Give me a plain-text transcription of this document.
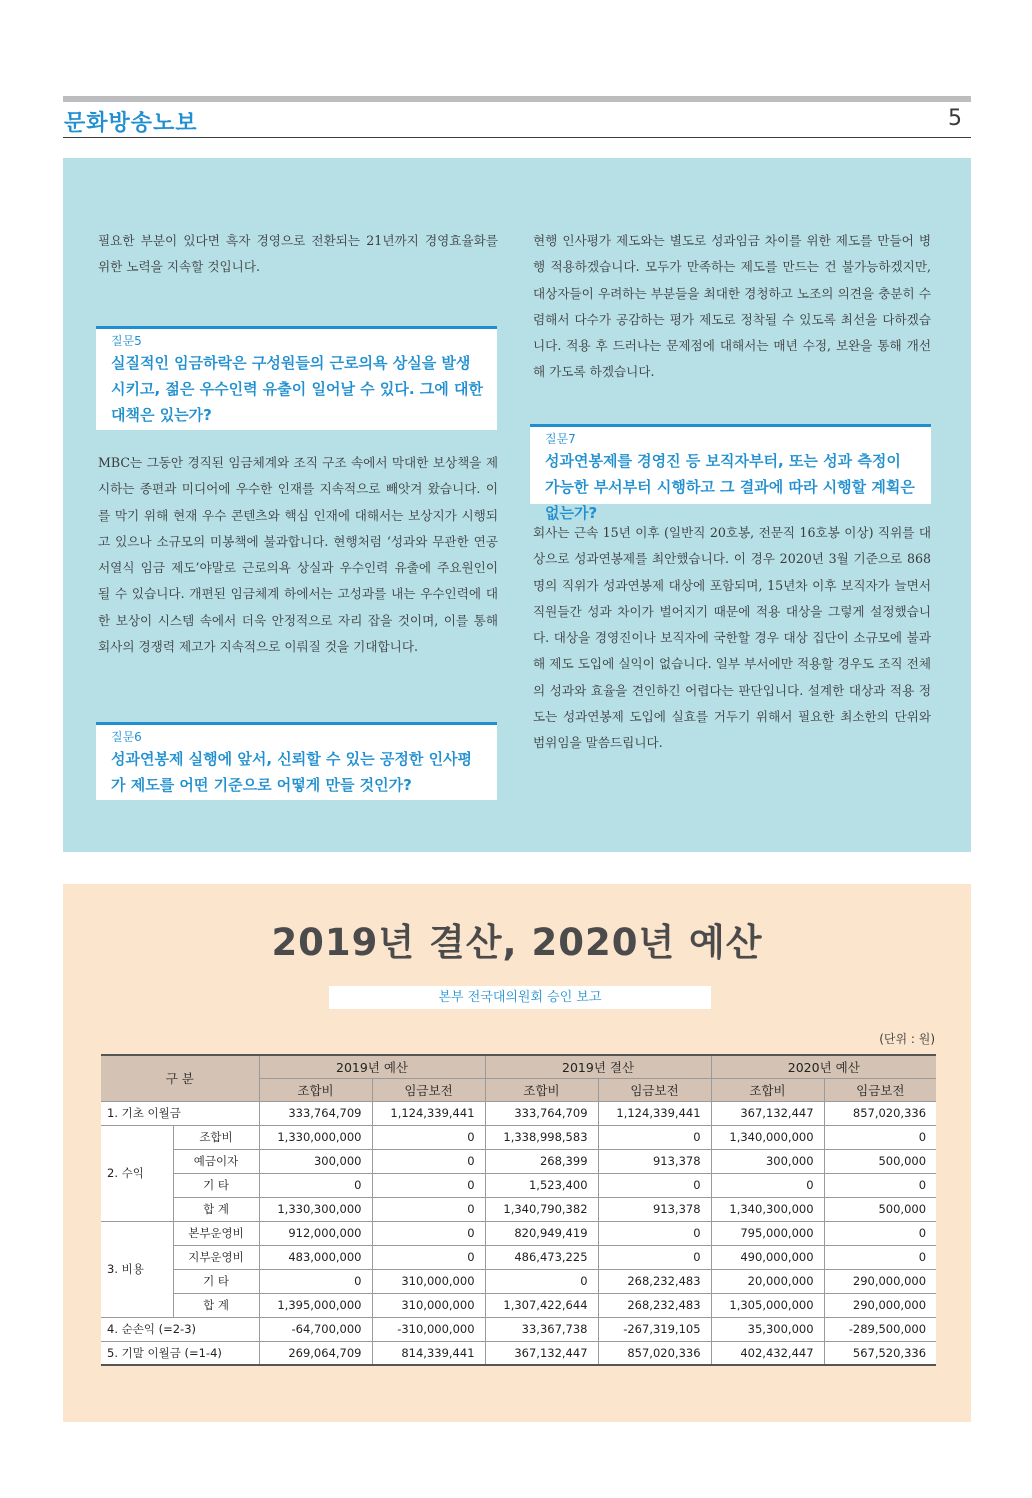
문화방송노보	5
필요한 부분이 있다면 흑자 경영으로 전환되는 21년까지 경영효율화를 위한 노력을 지속할 것입니다.
질문5
실질적인 임금하락은 구성원들의 근로의욕 상실을 발생시키고, 젊은 우수인력 유출이 일어날 수 있다. 그에 대한 대책은 있는가?
MBC는 그동안 경직된 임금체계와 조직 구조 속에서 막대한 보상책을 제시하는 종편과 미디어에 우수한 인재를 지속적으로 빼앗겨 왔습니다. 이를 막기 위해 현재 우수 콘텐츠와 핵심 인재에 대해서는 보상지가 시행되고 있으나 소규모의 미봉책에 불과합니다. 현행처럼 ‘성과와 무관한 연공서열식 임금 제도’야말로 근로의욕 상실과 우수인력 유출에 주요원인이 될 수 있습니다. 개편된 임금체계 하에서는 고성과를 내는 우수인력에 대한 보상이 시스템 속에서 더욱 안정적으로 자리 잡을 것이며, 이를 통해 회사의 경쟁력 제고가 지속적으로 이뤄질 것을 기대합니다.
질문6
성과연봉제 실행에 앞서, 신뢰할 수 있는 공정한 인사평가 제도를 어떤 기준으로 어떻게 만들 것인가?
현행 인사평가 제도와는 별도로 성과임금 차이를 위한 제도를 만들어 병행 적용하겠습니다. 모두가 만족하는 제도를 만드는 건 불가능하겠지만, 대상자들이 우려하는 부분들을 최대한 경청하고 노조의 의견을 충분히 수렴해서 다수가 공감하는 평가 제도로 정착될 수 있도록 최선을 다하겠습니다. 적용 후 드러나는 문제점에 대해서는 매년 수정, 보완을 통해 개선해 가도록 하겠습니다.
질문7
성과연봉제를 경영진 등 보직자부터, 또는 성과 측정이 가능한 부서부터 시행하고 그 결과에 따라 시행할 계획은 없는가?
회사는 근속 15년 이후 (일반직 20호봉, 전문직 16호봉 이상) 직위를 대상으로 성과연봉제를 최안했습니다. 이 경우 2020년 3월 기준으로 868명의 직위가 성과연봉제 대상에 포함되며, 15년차 이후 보직자가 늘면서 직원들간 성과 차이가 벌어지기 때문에 적용 대상을 그렇게 설정했습니다. 대상을 경영진이나 보직자에 국한할 경우 대상 집단이 소규모에 불과해 제도 도입에 실익이 없습니다. 일부 부서에만 적용할 경우도 조직 전체의 성과와 효율을 견인하긴 어렵다는 판단입니다. 설계한 대상과 적용 정도는 성과연봉제 도입에 실효를 거두기 위해서 필요한 최소한의 단위와 범위임을 말씀드립니다.
2019년 결산, 2020년 예산
본부 전국대의원회 승인 보고
(단위 : 원)
구 분		2019년 예산		2019년 결산		2020년 예산	
		조합비	임금보전	조합비	임금보전	조합비	임금보전
1. 기초 이월금		333,764,709	1,124,339,441	333,764,709	1,124,339,441	367,132,447	857,020,336
2. 수익	조합비	1,330,000,000	0	1,338,998,583	0	1,340,000,000	0
	예금이자	300,000	0	268,399	913,378	300,000	500,000
	기 타	0	0	1,523,400	0	0	0
	합 계	1,330,300,000	0	1,340,790,382	913,378	1,340,300,000	500,000
3. 비용	본부운영비	912,000,000	0	820,949,419	0	795,000,000	0
	지부운영비	483,000,000	0	486,473,225	0	490,000,000	0
	기 타	0	310,000,000	0	268,232,483	20,000,000	290,000,000
	합 계	1,395,000,000	310,000,000	1,307,422,644	268,232,483	1,305,000,000	290,000,000
4. 순손익 (=2-3)		-64,700,000	-310,000,000	33,367,738	-267,319,105	35,300,000	-289,500,000
5. 기말 이월금 (=1-4)		269,064,709	814,339,441	367,132,447	857,020,336	402,432,447	567,520,336
